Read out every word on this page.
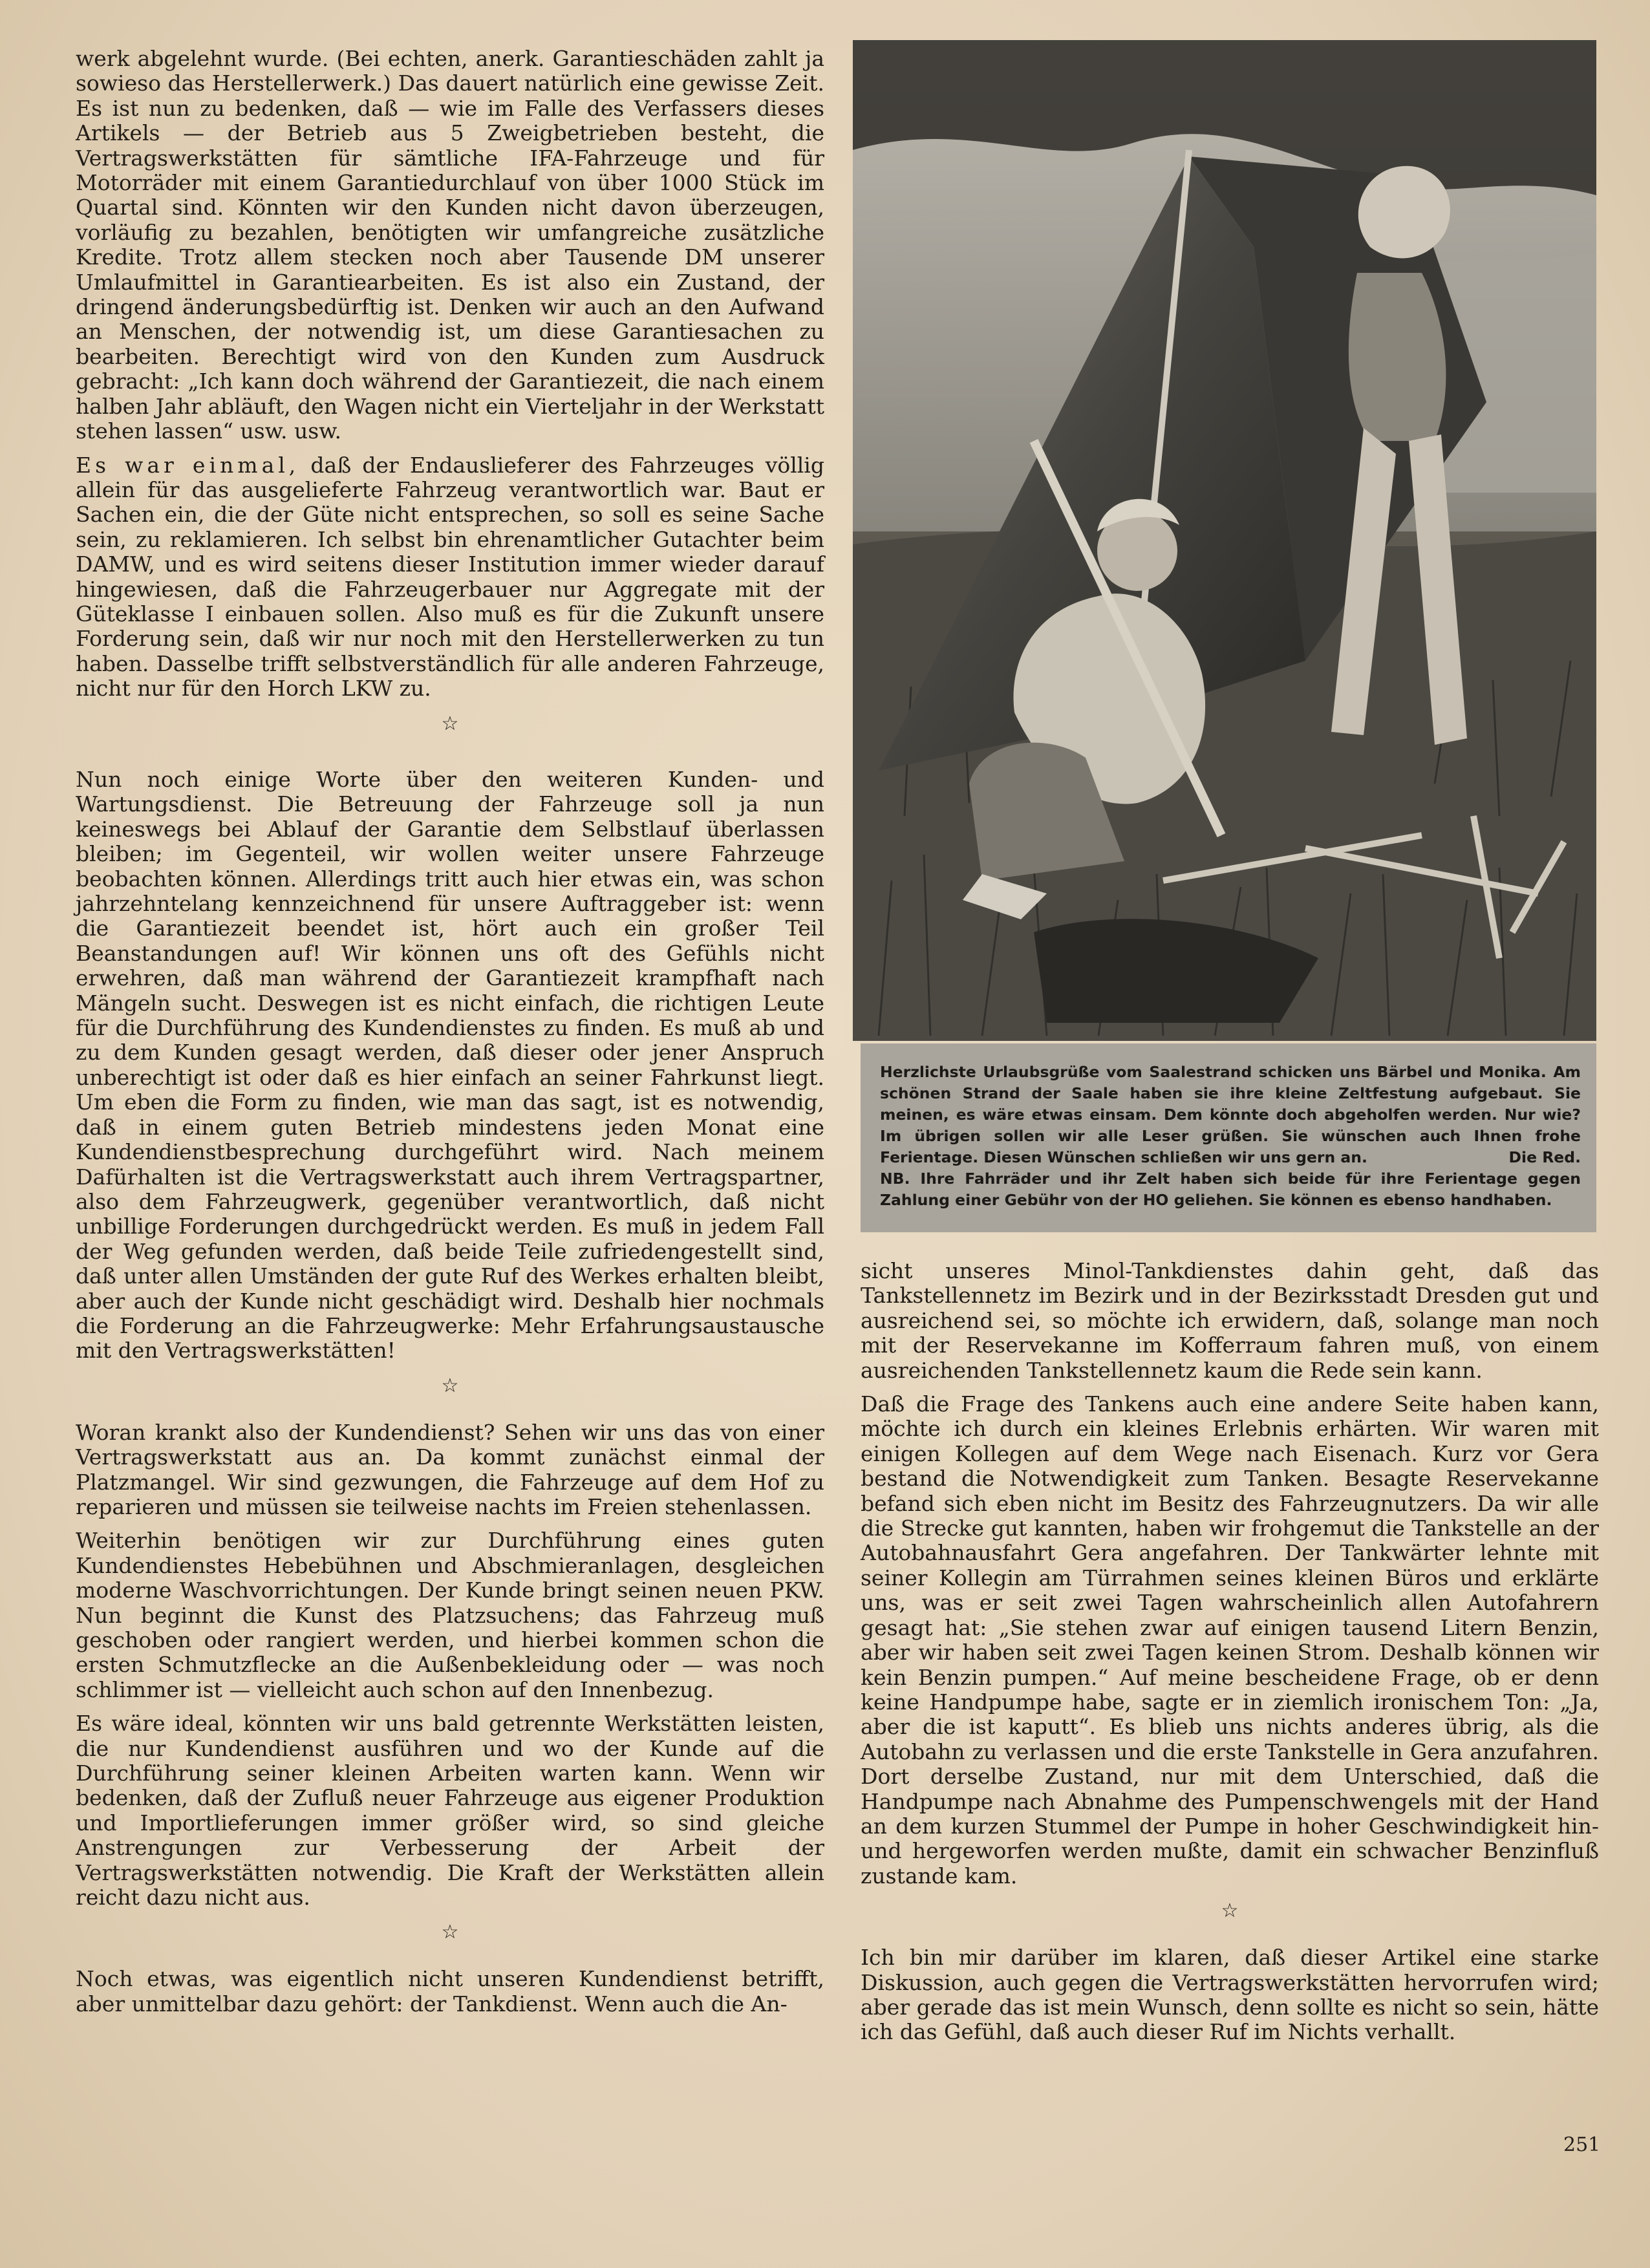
werk abgelehnt wurde. (Bei echten, anerk. Garantieschäden zahlt ja sowieso das Herstellerwerk.) Das dauert natürlich eine gewisse Zeit. Es ist nun zu bedenken, daß — wie im Falle des Verfassers dieses Artikels — der Betrieb aus 5 Zweigbetrieben besteht, die Vertragswerkstätten für sämtliche IFA-Fahrzeuge und für Motorräder mit einem Garantiedurchlauf von über 1000 Stück im Quartal sind. Könnten wir den Kunden nicht davon überzeugen, vorläufig zu bezahlen, benötigten wir umfangreiche zusätzliche Kredite. Trotz allem stecken noch aber Tausende DM unserer Umlaufmittel in Garantiearbeiten. Es ist also ein Zustand, der dringend änderungsbedürftig ist. Denken wir auch an den Aufwand an Menschen, der notwendig ist, um diese Garantiesachen zu bearbeiten. Berechtigt wird von den Kunden zum Ausdruck gebracht: „Ich kann doch während der Garantiezeit, die nach einem halben Jahr abläuft, den Wagen nicht ein Vierteljahr in der Werkstatt stehen lassen“ usw. usw.

Es war einmal, daß der Endauslieferer des Fahrzeuges völlig allein für das ausgelieferte Fahrzeug verantwortlich war. Baut er Sachen ein, die der Güte nicht entsprechen, so soll es seine Sache sein, zu reklamieren. Ich selbst bin ehrenamtlicher Gutachter beim DAMW, und es wird seitens dieser Institution immer wieder darauf hingewiesen, daß die Fahrzeugerbauer nur Aggregate mit der Güteklasse I einbauen sollen. Also muß es für die Zukunft unsere Forderung sein, daß wir nur noch mit den Herstellerwerken zu tun haben. Dasselbe trifft selbstverständlich für alle anderen Fahrzeuge, nicht nur für den Horch LKW zu.

☆

Nun noch einige Worte über den weiteren Kunden- und Wartungsdienst. Die Betreuung der Fahrzeuge soll ja nun keineswegs bei Ablauf der Garantie dem Selbstlauf überlassen bleiben; im Gegenteil, wir wollen weiter unsere Fahrzeuge beobachten können. Allerdings tritt auch hier etwas ein, was schon jahrzehntelang kennzeichnend für unsere Auftraggeber ist: wenn die Garantiezeit beendet ist, hört auch ein großer Teil Beanstandungen auf! Wir können uns oft des Gefühls nicht erwehren, daß man während der Garantiezeit krampfhaft nach Mängeln sucht. Deswegen ist es nicht einfach, die richtigen Leute für die Durchführung des Kundendienstes zu finden. Es muß ab und zu dem Kunden gesagt werden, daß dieser oder jener Anspruch unberechtigt ist oder daß es hier einfach an seiner Fahrkunst liegt. Um eben die Form zu finden, wie man das sagt, ist es notwendig, daß in einem guten Betrieb mindestens jeden Monat eine Kundendienstbesprechung durchgeführt wird. Nach meinem Dafürhalten ist die Vertragswerkstatt auch ihrem Vertragspartner, also dem Fahrzeugwerk, gegenüber verantwortlich, daß nicht unbillige Forderungen durchgedrückt werden. Es muß in jedem Fall der Weg gefunden werden, daß beide Teile zufriedengestellt sind, daß unter allen Umständen der gute Ruf des Werkes erhalten bleibt, aber auch der Kunde nicht geschädigt wird. Deshalb hier nochmals die Forderung an die Fahrzeugwerke: Mehr Erfahrungsaustausche mit den Vertragswerkstätten!

☆

Woran krankt also der Kundendienst? Sehen wir uns das von einer Vertragswerkstatt aus an. Da kommt zunächst einmal der Platzmangel. Wir sind gezwungen, die Fahrzeuge auf dem Hof zu reparieren und müssen sie teilweise nachts im Freien stehenlassen.

Weiterhin benötigen wir zur Durchführung eines guten Kundendienstes Hebebühnen und Abschmieranlagen, desgleichen moderne Waschvorrichtungen. Der Kunde bringt seinen neuen PKW. Nun beginnt die Kunst des Platzsuchens; das Fahrzeug muß geschoben oder rangiert werden, und hierbei kommen schon die ersten Schmutzflecke an die Außenbekleidung oder — was noch schlimmer ist — vielleicht auch schon auf den Innenbezug.

Es wäre ideal, könnten wir uns bald getrennte Werkstätten leisten, die nur Kundendienst ausführen und wo der Kunde auf die Durchführung seiner kleinen Arbeiten warten kann. Wenn wir bedenken, daß der Zufluß neuer Fahrzeuge aus eigener Produktion und Importlieferungen immer größer wird, so sind gleiche Anstrengungen zur Verbesserung der Arbeit der Vertragswerkstätten notwendig. Die Kraft der Werkstätten allein reicht dazu nicht aus.

☆

Noch etwas, was eigentlich nicht unseren Kundendienst betrifft, aber unmittelbar dazu gehört: der Tankdienst. Wenn auch die An-

Herzlichste Urlaubsgrüße vom Saalestrand schicken uns Bärbel und Monika. Am schönen Strand der Saale haben sie ihre kleine Zeltfestung aufgebaut. Sie meinen, es wäre etwas einsam. Dem könnte doch abgeholfen werden. Nur wie? Im übrigen sollen wir alle Leser grüßen. Sie wünschen auch Ihnen frohe Ferientage. Diesen Wünschen schließen wir uns gern an.	Die Red.

NB. Ihre Fahrräder und ihr Zelt haben sich beide für ihre Ferientage gegen Zahlung einer Gebühr von der HO geliehen. Sie können es ebenso handhaben.

sicht unseres Minol-Tankdienstes dahin geht, daß das Tankstellennetz im Bezirk und in der Bezirksstadt Dresden gut und ausreichend sei, so möchte ich erwidern, daß, solange man noch mit der Reservekanne im Kofferraum fahren muß, von einem ausreichenden Tankstellennetz kaum die Rede sein kann.

Daß die Frage des Tankens auch eine andere Seite haben kann, möchte ich durch ein kleines Erlebnis erhärten. Wir waren mit einigen Kollegen auf dem Wege nach Eisenach. Kurz vor Gera bestand die Notwendigkeit zum Tanken. Besagte Reservekanne befand sich eben nicht im Besitz des Fahrzeugnutzers. Da wir alle die Strecke gut kannten, haben wir frohgemut die Tankstelle an der Autobahnausfahrt Gera angefahren. Der Tankwärter lehnte mit seiner Kollegin am Türrahmen seines kleinen Büros und erklärte uns, was er seit zwei Tagen wahrscheinlich allen Autofahrern gesagt hat: „Sie stehen zwar auf einigen tausend Litern Benzin, aber wir haben seit zwei Tagen keinen Strom. Deshalb können wir kein Benzin pumpen.“ Auf meine bescheidene Frage, ob er denn keine Handpumpe habe, sagte er in ziemlich ironischem Ton: „Ja, aber die ist kaputt“. Es blieb uns nichts anderes übrig, als die Autobahn zu verlassen und die erste Tankstelle in Gera anzufahren. Dort derselbe Zustand, nur mit dem Unterschied, daß die Handpumpe nach Abnahme des Pumpenschwengels mit der Hand an dem kurzen Stummel der Pumpe in hoher Geschwindigkeit hin- und hergeworfen werden mußte, damit ein schwacher Benzinfluß zustande kam.

☆

Ich bin mir darüber im klaren, daß dieser Artikel eine starke Diskussion, auch gegen die Vertragswerkstätten hervorrufen wird; aber gerade das ist mein Wunsch, denn sollte es nicht so sein, hätte ich das Gefühl, daß auch dieser Ruf im Nichts verhallt.

251
